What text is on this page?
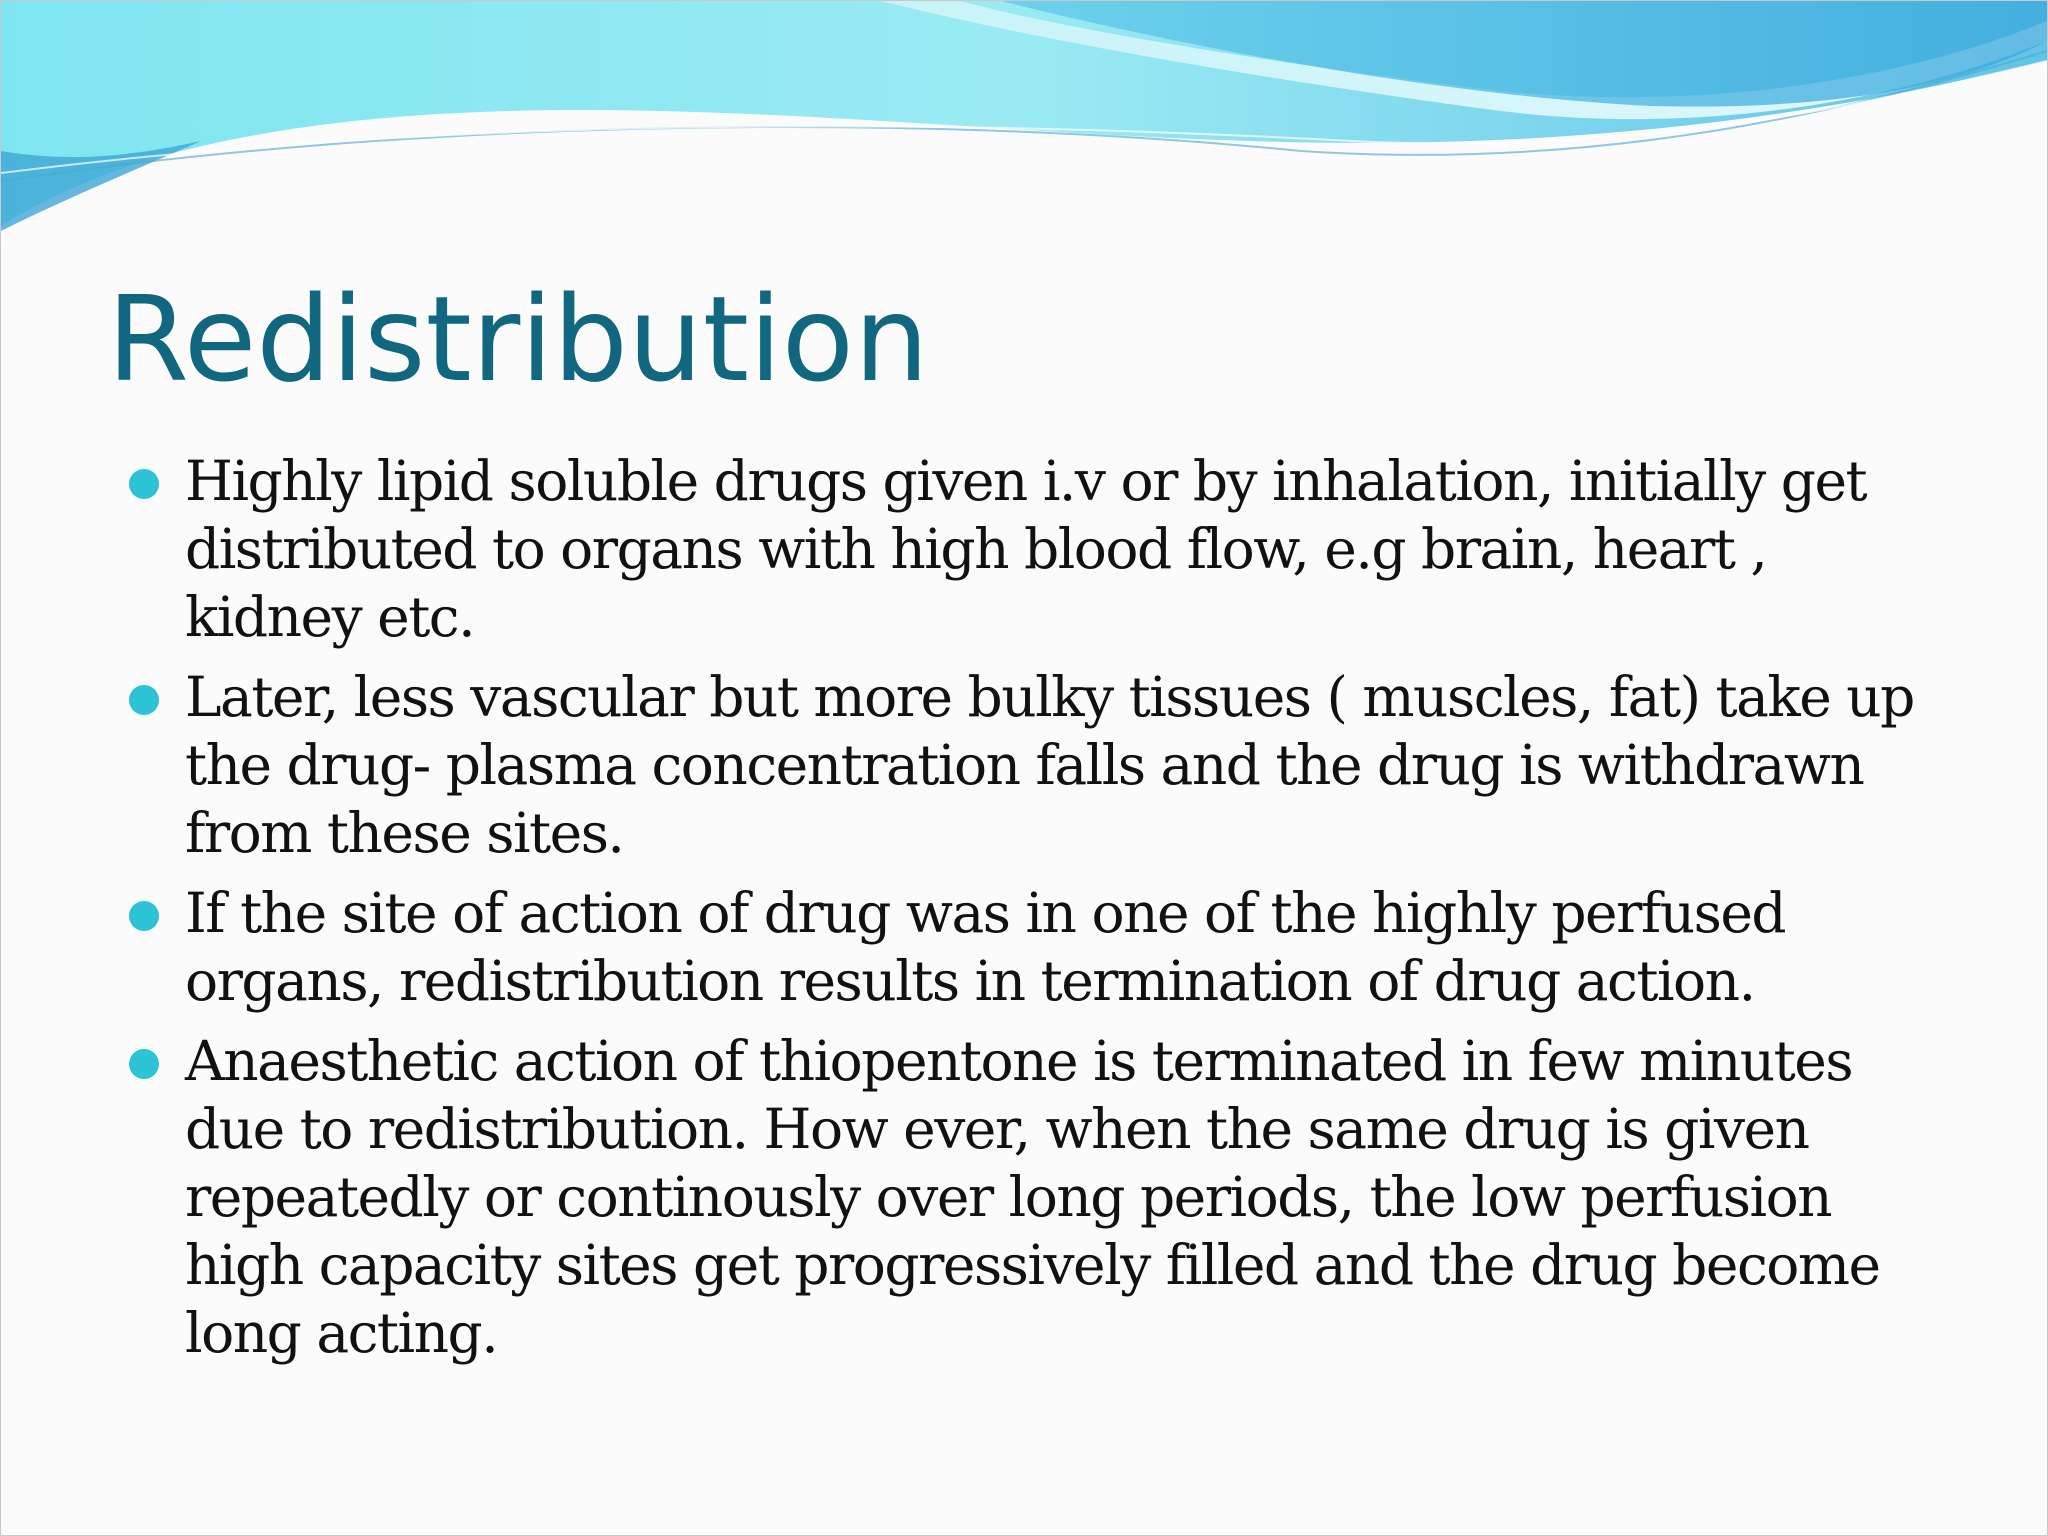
Redistribution
Highly lipid soluble drugs given i.v or by inhalation, initially get distributed to organs with high blood flow, e.g brain, heart , kidney etc.
Later, less vascular but more bulky tissues ( muscles, fat) take up the drug- plasma concentration falls and the drug is withdrawn from these sites.
If the site of action of drug was in one of the highly perfused organs, redistribution results in termination of drug action.
Anaesthetic action of thiopentone is terminated in few minutes due to redistribution. How ever, when the same drug is given repeatedly or continously over long periods, the low perfusion high capacity sites get progressively filled and the drug become long acting.
